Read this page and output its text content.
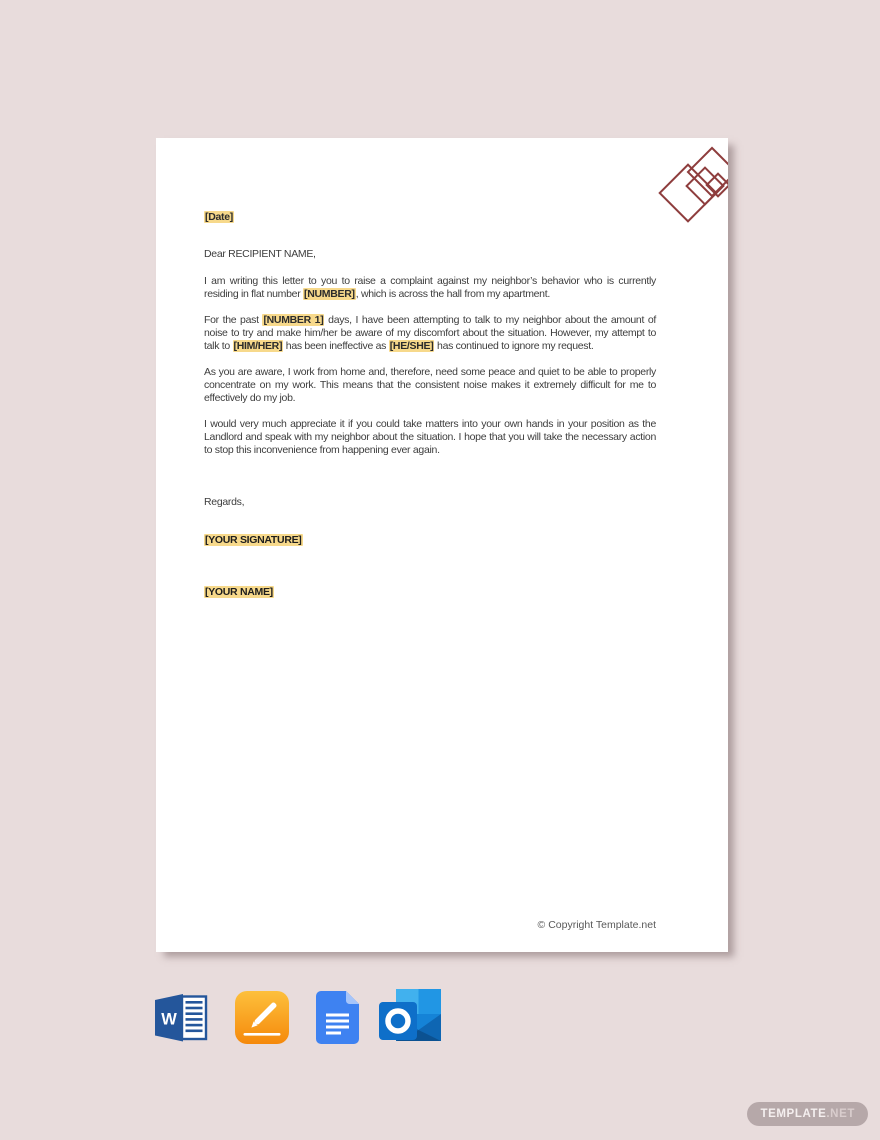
[Date]

Dear RECIPIENT NAME,

I am writing this letter to you to raise a complaint against my neighbor’s behavior who is currently residing in flat number [NUMBER], which is across the hall from my apartment.

For the past [NUMBER 1] days, I have been attempting to talk to my neighbor about the amount of noise to try and make him/her be aware of my discomfort about the situation. However, my attempt to talk to [HIM/HER] has been ineffective as [HE/SHE] has continued to ignore my request.

As you are aware, I work from home and, therefore, need some peace and quiet to be able to properly concentrate on my work. This means that the consistent noise makes it extremely difficult for me to effectively do my job.

I would very much appreciate it if you could take matters into your own hands in your position as the Landlord and speak with my neighbor about the situation. I hope that you will take the necessary action to stop this inconvenience from happening ever again.

Regards,

[YOUR SIGNATURE]

[YOUR NAME]

© Copyright Template.net
W
TEMPLATE.NET
